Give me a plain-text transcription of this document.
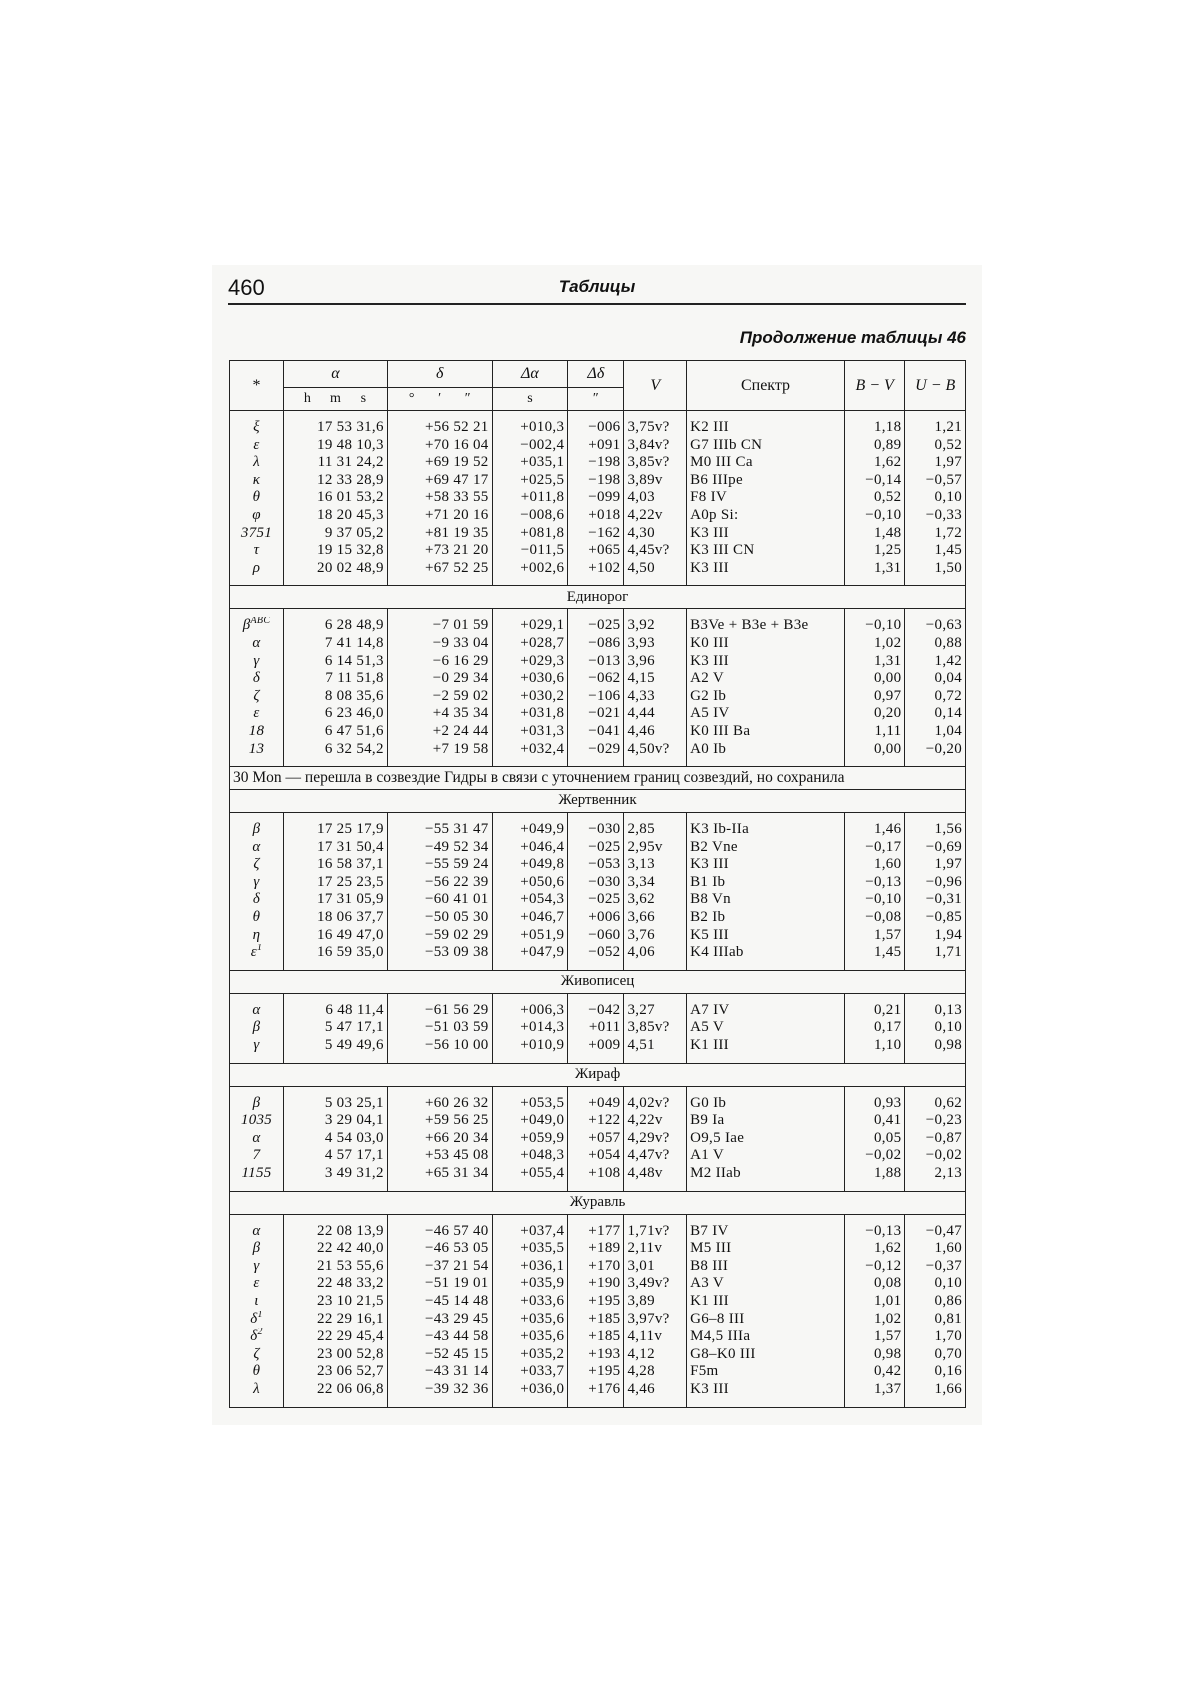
460	Таблицы
Продолжение таблицы 46
*	α	δ	Δα	Δδ	V	Спектр	B − V	U − B
	h m s	° ′ ″	s	″				

ξ	17 53 31,6	+56 52 21	+010,3	−006	3,75v?	K2 III	1,18	1,21
ε	19 48 10,3	+70 16 04	−002,4	+091	3,84v?	G7 IIIb CN	0,89	0,52
λ	11 31 24,2	+69 19 52	+035,1	−198	3,85v?	M0 III Ca	1,62	1,97
κ	12 33 28,9	+69 47 17	+025,5	−198	3,89v	B6 IIIpe	−0,14	−0,57
θ	16 01 53,2	+58 33 55	+011,8	−099	4,03	F8 IV	0,52	0,10
φ	18 20 45,3	+71 20 16	−008,6	+018	4,22v	A0p Si:	−0,10	−0,33
3751	9 37 05,2	+81 19 35	+081,8	−162	4,30	K3 III	1,48	1,72
τ	19 15 32,8	+73 21 20	−011,5	+065	4,45v?	K3 III CN	1,25	1,45
ρ	20 02 48,9	+67 52 25	+002,6	+102	4,50	K3 III	1,31	1,50

Единорог								

$\beta^{ABC}$	6 28 48,9	−7 01 59	+029,1	−025	3,92	B3Ve + B3e + B3e	−0,10	−0,63
α	7 41 14,8	−9 33 04	+028,7	−086	3,93	K0 III	1,02	0,88
γ	6 14 51,3	−6 16 29	+029,3	−013	3,96	K3 III	1,31	1,42
δ	7 11 51,8	−0 29 34	+030,6	−062	4,15	A2 V	0,00	0,04
ζ	8 08 35,6	−2 59 02	+030,2	−106	4,33	G2 Ib	0,97	0,72
ε	6 23 46,0	+4 35 34	+031,8	−021	4,44	A5 IV	0,20	0,14
18	6 47 51,6	+2 24 44	+031,3	−041	4,46	K0 III Ba	1,11	1,04
13	6 32 54,2	+7 19 58	+032,4	−029	4,50v?	A0 Ib	0,00	−0,20

30 Mon — перешла в созвездие Гидры в связи с уточнением границ созвездий, но сохранила								
Жертвенник								

β	17 25 17,9	−55 31 47	+049,9	−030	2,85	K3 Ib-IIa	1,46	1,56
α	17 31 50,4	−49 52 34	+046,4	−025	2,95v	B2 Vne	−0,17	−0,69
ζ	16 58 37,1	−55 59 24	+049,8	−053	3,13	K3 III	1,60	1,97
γ	17 25 23,5	−56 22 39	+050,6	−030	3,34	B1 Ib	−0,13	−0,96
δ	17 31 05,9	−60 41 01	+054,3	−025	3,62	B8 Vn	−0,10	−0,31
θ	18 06 37,7	−50 05 30	+046,7	+006	3,66	B2 Ib	−0,08	−0,85
η	16 49 47,0	−59 02 29	+051,9	−060	3,76	K5 III	1,57	1,94
$\varepsilon^1$	16 59 35,0	−53 09 38	+047,9	−052	4,06	K4 IIIab	1,45	1,71

Живописец								

α	6 48 11,4	−61 56 29	+006,3	−042	3,27	A7 IV	0,21	0,13
β	5 47 17,1	−51 03 59	+014,3	+011	3,85v?	A5 V	0,17	0,10
γ	5 49 49,6	−56 10 00	+010,9	+009	4,51	K1 III	1,10	0,98

Жираф								

β	5 03 25,1	+60 26 32	+053,5	+049	4,02v?	G0 Ib	0,93	0,62
1035	3 29 04,1	+59 56 25	+049,0	+122	4,22v	B9 Ia	0,41	−0,23
α	4 54 03,0	+66 20 34	+059,9	+057	4,29v?	O9,5 Iae	0,05	−0,87
7	4 57 17,1	+53 45 08	+048,3	+054	4,47v?	A1 V	−0,02	−0,02
1155	3 49 31,2	+65 31 34	+055,4	+108	4,48v	M2 IIab	1,88	2,13

Журавль								

α	22 08 13,9	−46 57 40	+037,4	+177	1,71v?	B7 IV	−0,13	−0,47
β	22 42 40,0	−46 53 05	+035,5	+189	2,11v	M5 III	1,62	1,60
γ	21 53 55,6	−37 21 54	+036,1	+170	3,01	B8 III	−0,12	−0,37
ε	22 48 33,2	−51 19 01	+035,9	+190	3,49v?	A3 V	0,08	0,10
ι	23 10 21,5	−45 14 48	+033,6	+195	3,89	K1 III	1,01	0,86
$\delta^1$	22 29 16,1	−43 29 45	+035,6	+185	3,97v?	G6–8 III	1,02	0,81
$\delta^2$	22 29 45,4	−43 44 58	+035,6	+185	4,11v	M4,5 IIIa	1,57	1,70
ζ	23 00 52,8	−52 45 15	+035,2	+193	4,12	G8–K0 III	0,98	0,70
θ	23 06 52,7	−43 31 14	+033,7	+195	4,28	F5m	0,42	0,16
λ	22 06 06,8	−39 32 36	+036,0	+176	4,46	K3 III	1,37	1,66
